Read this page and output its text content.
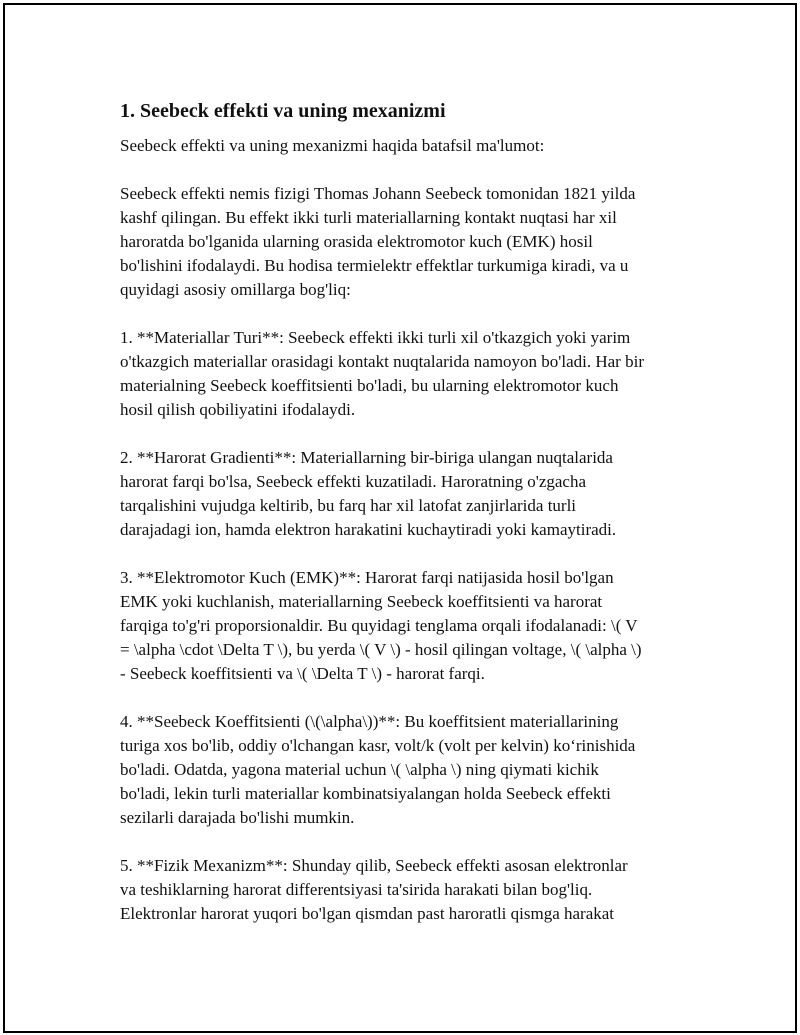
1. Seebeck effekti va uning mexanizmi
Seebeck effekti va uning mexanizmi haqida batafsil ma'lumot:
Seebeck effekti nemis fizigi Thomas Johann Seebeck tomonidan 1821 yilda
kashf qilingan. Bu effekt ikki turli materiallarning kontakt nuqtasi har xil
haroratda bo'lganida ularning orasida elektromotor kuch (EMK) hosil
bo'lishini ifodalaydi. Bu hodisa termielektr effektlar turkumiga kiradi, va u
quyidagi asosiy omillarga bog'liq:
1. **Materiallar Turi**: Seebeck effekti ikki turli xil o'tkazgich yoki yarim
o'tkazgich materiallar orasidagi kontakt nuqtalarida namoyon bo'ladi. Har bir
materialning Seebeck koeffitsienti bo'ladi, bu ularning elektromotor kuch
hosil qilish qobiliyatini ifodalaydi.
2. **Harorat Gradienti**: Materiallarning bir-biriga ulangan nuqtalarida
harorat farqi bo'lsa, Seebeck effekti kuzatiladi. Haroratning o'zgacha
tarqalishini vujudga keltirib, bu farq har xil latofat zanjirlarida turli
darajadagi ion, hamda elektron harakatini kuchaytiradi yoki kamaytiradi.
3. **Elektromotor Kuch (EMK)**: Harorat farqi natijasida hosil bo'lgan
EMK yoki kuchlanish, materiallarning Seebeck koeffitsienti va harorat
farqiga to'g'ri proporsionaldir. Bu quyidagi tenglama orqali ifodalanadi: \( V
= \alpha \cdot \Delta T \), bu yerda \( V \) - hosil qilingan voltage, \( \alpha \)
- Seebeck koeffitsienti va \( \Delta T \) - harorat farqi.
4. **Seebeck Koeffitsienti (\(\alpha\))**: Bu koeffitsient materiallarining
turiga xos bo'lib, oddiy o'lchangan kasr, volt/k (volt per kelvin) ko‘rinishida
bo'ladi. Odatda, yagona material uchun \( \alpha \) ning qiymati kichik
bo'ladi, lekin turli materiallar kombinatsiyalangan holda Seebeck effekti
sezilarli darajada bo'lishi mumkin.
5. **Fizik Mexanizm**: Shunday qilib, Seebeck effekti asosan elektronlar
va teshiklarning harorat differentsiyasi ta'sirida harakati bilan bog'liq.
Elektronlar harorat yuqori bo'lgan qismdan past haroratli qismga harakat
